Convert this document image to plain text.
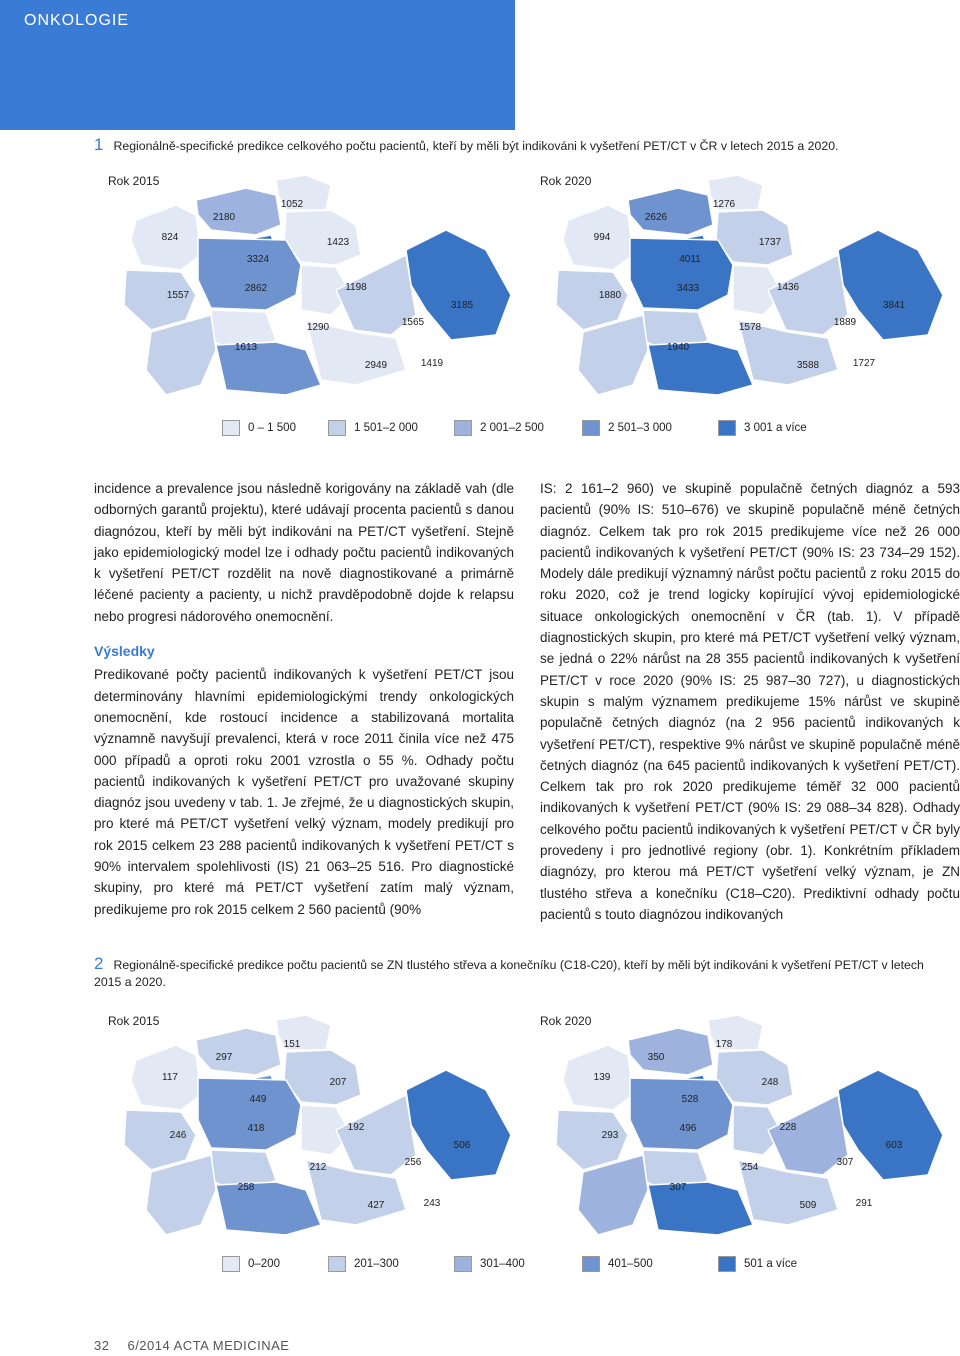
ONKOLOGIE
1 Regionálně-specifické predikce celkového počtu pacientů, kteří by měli být indikováni k vyšetření PET/CT v ČR v letech 2015 a 2020.
Rok 2015
824
2180
1052
1423
3324
1557
2862	1198
3185
1290	1565
1613
2949	1419
Rok 2020
994
2626
1276
1737
4011
1880
3433	1436
3841
1578	1889
1940
3588	1727
0 – 1 500	1 501–2 000	2 001–2 500	2 501–3 000	3 001 a více

incidence a prevalence jsou následně korigovány na základě vah (dle odborných garantů projektu), které udávají procenta pacientů s danou diagnózou, kteří by měli být indikováni na PET/CT vyšetření. Stejně jako epidemiologický model lze i odhady počtu pacientů indikovaných k vyšetření PET/CT rozdělit na nově diagnostikované a primárně léčené pacienty a pacienty, u nichž pravděpodobně dojde k relapsu nebo progresi nádorového onemocnění.

Výsledky

Predikované počty pacientů indikovaných k vyšetření PET/CT jsou determinovány hlavními epidemiologickými trendy onkologických onemocnění, kde rostoucí incidence a stabilizovaná mortalita významně navyšují prevalenci, která v roce 2011 činila více než 475 000 případů a oproti roku 2001 vzrostla o 55 %. Odhady počtu pacientů indikovaných k vyšetření PET/CT pro uvažované skupiny diagnóz jsou uvedeny v tab. 1. Je zřejmé, že u diagnostických skupin, pro které má PET/CT vyšetření velký význam, modely predikují pro rok 2015 celkem 23 288 pacientů indikovaných k vyšetření PET/CT s 90% intervalem spolehlivosti (IS) 21 063–25 516. Pro diagnostické skupiny, pro které má PET/CT vyšetření zatím malý význam, predikujeme pro rok 2015 celkem 2 560 pacientů (90%

IS: 2 161–2 960) ve skupině populačně četných diagnóz a 593 pacientů (90% IS: 510–676) ve skupině populačně méně četných diagnóz. Celkem tak pro rok 2015 predikujeme více než 26 000 pacientů indikovaných k vyšetření PET/CT (90% IS: 23 734–29 152). Modely dále predikují významný nárůst počtu pacientů z roku 2015 do roku 2020, což je trend logicky kopírující vývoj epidemiologické situace onkologických onemocnění v ČR (tab. 1). V případě diagnostických skupin, pro které má PET/CT vyšetření velký význam, se jedná o 22% nárůst na 28 355 pacientů indikovaných k vyšetření PET/CT v roce 2020 (90% IS: 25 987–30 727), u diagnostických skupin s malým významem predikujeme 15% nárůst ve skupině populačně četných diagnóz (na 2 956 pacientů indikovaných k vyšetření PET/CT), respektive 9% nárůst ve skupině populačně méně četných diagnóz (na 645 pacientů indikovaných k vyšetření PET/CT). Celkem tak pro rok 2020 predikujeme téměř 32 000 pacientů indikovaných k vyšetření PET/CT (90% IS: 29 088–34 828). Odhady celkového počtu pacientů indikovaných k vyšetření PET/CT v ČR byly provedeny i pro jednotlivé regiony (obr. 1). Konkrétním příkladem diagnózy, pro kterou má PET/CT vyšetření velký význam, je ZN tlustého střeva a konečníku (C18–C20). Prediktivní odhady počtu pacientů s touto diagnózou indikovaných

2 Regionálně-specifické predikce počtu pacientů se ZN tlustého střeva a konečníku (C18-C20), kteří by měli být indikováni k vyšetření PET/CT v letech 2015 a 2020.
Rok 2015
117
297
151
207
449
246
418	192
506
212	256
258
427	243
Rok 2020
139
350
178
248
528
293
496	228
603
254	307
307
509	291
0–200	201–300	301–400	401–500	501 a více
32 6/2014 ACTA MEDICINAE
